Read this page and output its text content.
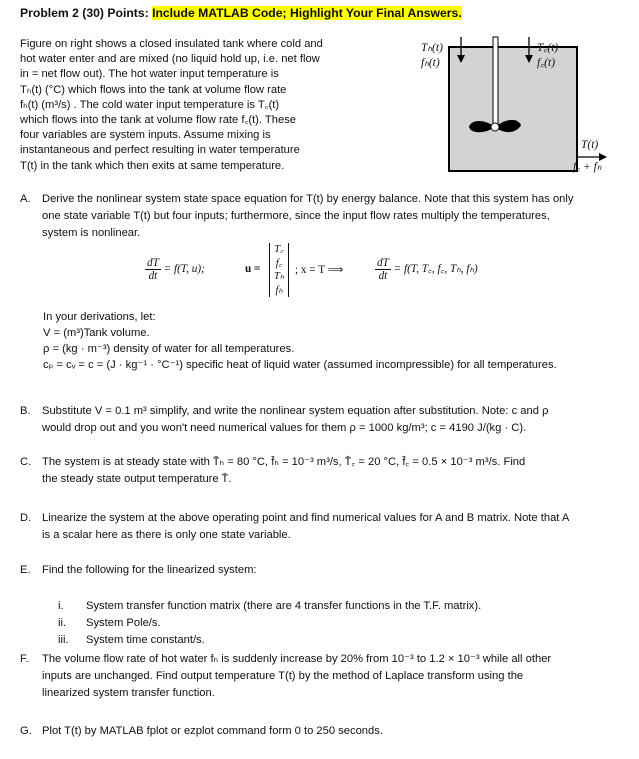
Problem 2 (30) Points: Include MATLAB Code; Highlight Your Final Answers.

Figure on right shows a closed insulated tank where cold and

hot water enter and are mixed (no liquid hold up, i.e. net flow

in = net flow out). The hot water input temperature is

Tₕ(t) (°C) which flows into the tank at volume flow rate

fₕ(t) (m³/s) . The cold water input temperature is T꜀(t)

which flows into the tank at volume flow rate f꜀(t). These

four variables are system inputs. Assume mixing is

instantaneous and perfect resulting in water temperature

T(t) in the tank which then exits at same temperature.

Tₕ(t)
fₕ(t)
T꜀(t)
f꜀(t)
T(t)
f꜀ + fₕ
A.	Derive the nonlinear system state space equation for T(t) by energy balance. Note that this system has only
one state variable T(t) but four inputs; furthermore, since the input flow rates multiply the temperatures,
system is nonlinear.
$\frac{dT}{dt} = f(T$, u);	u =
T꜀
f꜀
Tₕ
fₕ
; x = T ⟹	$\frac{dT}{dt} = f(T$, T꜀, f꜀, Tₕ, fₕ)

In your derivations, let:

V = (m³)Tank volume.

ρ = (kg · m⁻³) density of water for all temperatures.

cₚ = cᵥ = c = (J · kg⁻¹ · °C⁻¹) specific heat of liquid water (assumed incompressible) for all temperatures.

B.	Substitute V = 0.1 m³ simplify, and write the nonlinear system equation after substitution. Note: c and ρ
would drop out and you won't need numerical values for them ρ = 1000 kg/m³; c = 4190 J/(kg · C).
C. The system is at steady state with T̄ₕ = 80 °C, f̄ₕ = 10⁻³ m³/s, T̄꜀ = 20 °C, f̄꜀ = 0.5 × 10⁻³ m³/s. Find
the steady state output temperature T̄.
D. Linearize the system at the above operating point and find numerical values for A and B matrix. Note that A
is a scalar here as there is only one state variable.
E.	Find the following for the linearized system:
i.	System transfer function matrix (there are 4 transfer functions in the T.F. matrix).
ii.	System Pole/s.
iii.	System time constant/s.
F.	The volume flow rate of hot water fₕ is suddenly increase by 20% from 10⁻³ to 1.2 × 10⁻³ while all other
inputs are unchanged. Find output temperature T(t) by the method of Laplace transform using the
linearized system transfer function.
G. Plot T(t) by MATLAB fplot or ezplot command form 0 to 250 seconds.
